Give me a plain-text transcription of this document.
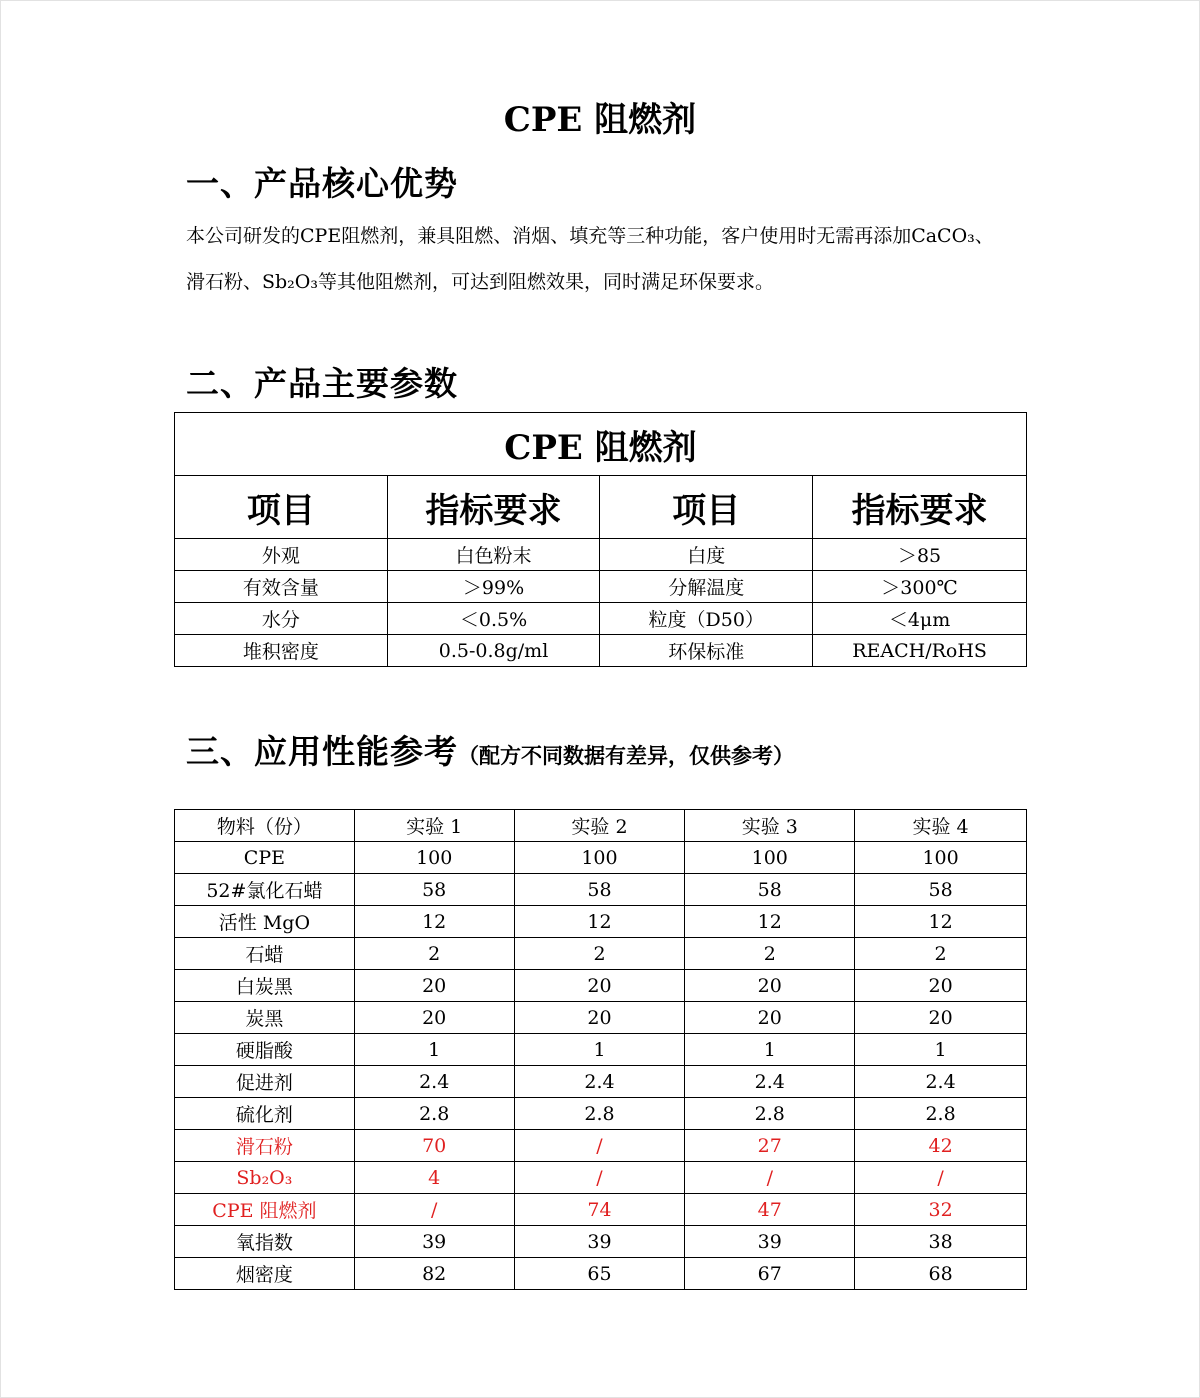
CPE 阻燃剂
一、产品核心优势
本公司研发的CPE阻燃剂，兼具阻燃、消烟、填充等三种功能，客户使用时无需再添加CaCO₃、
滑石粉、Sb₂O₃等其他阻燃剂，可达到阻燃效果，同时满足环保要求。
二、产品主要参数
CPE 阻燃剂			
项目	指标要求	项目	指标要求
外观	白色粉末	白度	＞85
有效含量	＞99%	分解温度	＞300℃
水分	＜0.5%	粒度（D50）	＜4μm
堆积密度	0.5-0.8g/ml	环保标准	REACH/RoHS
三、应用性能参考（配方不同数据有差异，仅供参考）
物料（份）	实验 1	实验 2	实验 3	实验 4
CPE	100	100	100	100
52#氯化石蜡	58	58	58	58
活性 MgO	12	12	12	12
石蜡	2	2	2	2
白炭黑	20	20	20	20
炭黑	20	20	20	20
硬脂酸	1	1	1	1
促进剂	2.4	2.4	2.4	2.4
硫化剂	2.8	2.8	2.8	2.8
滑石粉	70	/	27	42
Sb₂O₃	4	/	/	/
CPE 阻燃剂	/	74	47	32
氧指数	39	39	39	38
烟密度	82	65	67	68
